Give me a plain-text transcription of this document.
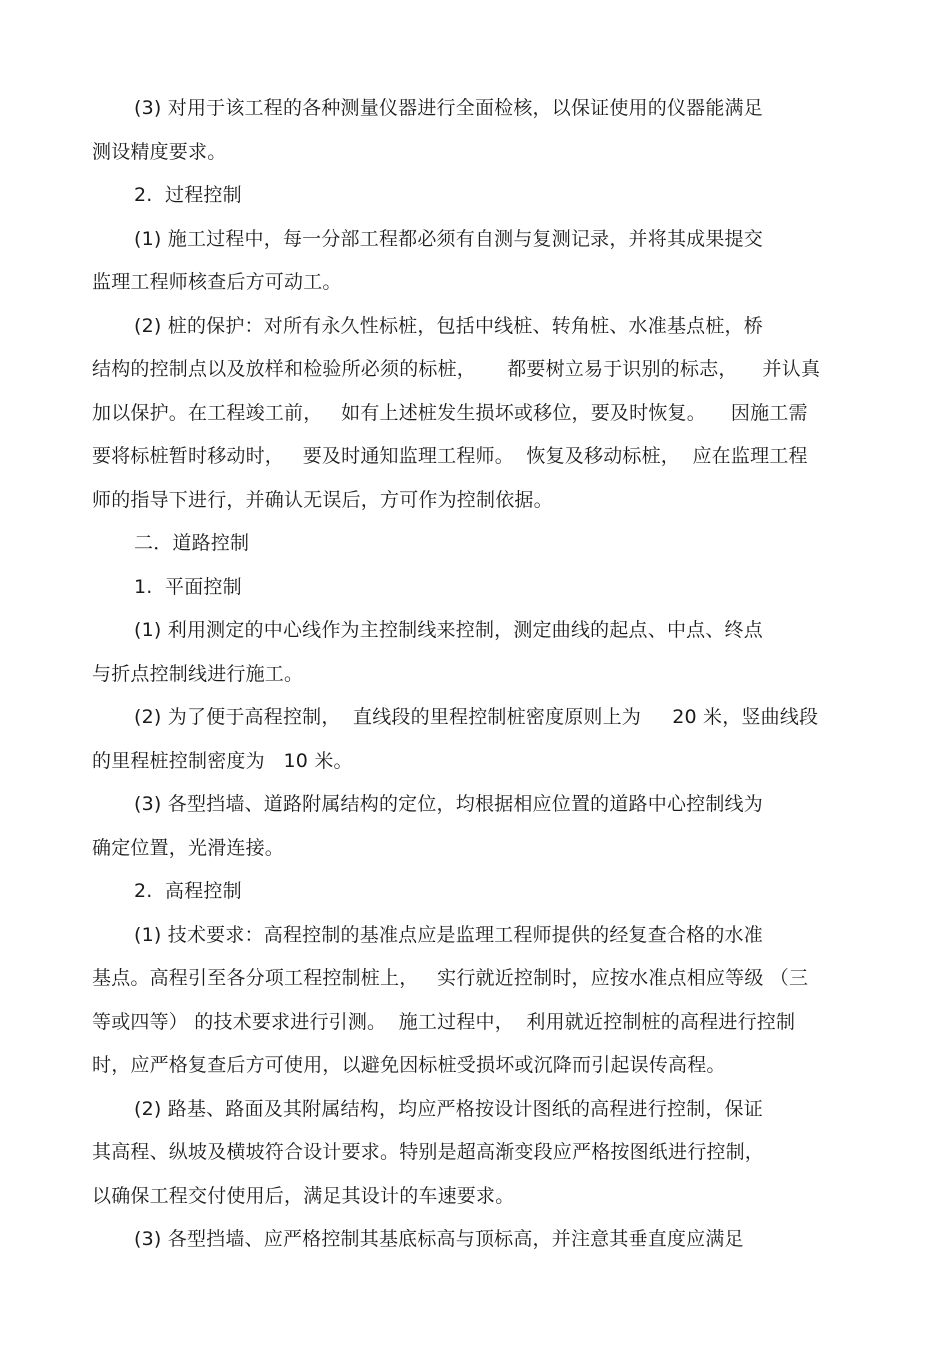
(3) 对用于该工程的各种测量仪器进行全面检核，以保证使用的仪器能满足
测设精度要求。
2.  过程控制
(1) 施工过程中，每一分部工程都必须有自测与复测记录，并将其成果提交
监理工程师核查后方可动工。
(2) 桩的保护：对所有永久性标桩，包括中线桩、转角桩、水准基点桩，桥
结构的控制点以及放样和检验所必须的标桩，     都要树立易于识别的标志，    并认真
加以保护。在工程竣工前，   如有上述桩发生损坏或移位，要及时恢复。    因施工需
要将标桩暂时移动时，   要及时通知监理工程师。  恢复及移动标桩，  应在监理工程
师的指导下进行，并确认无误后，方可作为控制依据。
二．道路控制
1.  平面控制
(1) 利用测定的中心线作为主控制线来控制，测定曲线的起点、中点、终点
与折点控制线进行施工。
(2) 为了便于高程控制，  直线段的里程控制桩密度原则上为     20 米，竖曲线段
的里程桩控制密度为   10 米。
(3) 各型挡墙、道路附属结构的定位，均根据相应位置的道路中心控制线为
确定位置，光滑连接。
2.  高程控制
(1) 技术要求：高程控制的基准点应是监理工程师提供的经复查合格的水准
基点。高程引至各分项工程控制桩上，   实行就近控制时，应按水准点相应等级 （三
等或四等） 的技术要求进行引测。  施工过程中，  利用就近控制桩的高程进行控制
时，应严格复查后方可使用，以避免因标桩受损坏或沉降而引起误传高程。
(2) 路基、路面及其附属结构，均应严格按设计图纸的高程进行控制，保证
其高程、纵坡及横坡符合设计要求。特别是超高渐变段应严格按图纸进行控制，
以确保工程交付使用后，满足其设计的车速要求。
(3) 各型挡墙、应严格控制其基底标高与顶标高，并注意其垂直度应满足
